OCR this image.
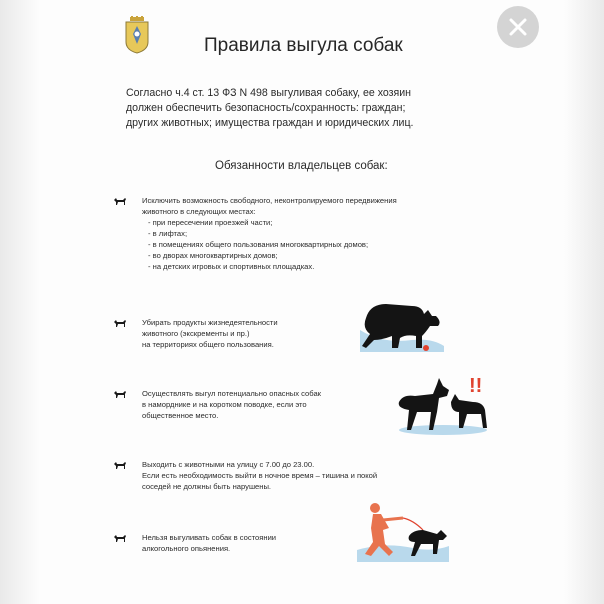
Правила выгула собак
Согласно ч.4 ст. 13 ФЗ N 498 выгуливая собаку, ее хозяин
должен обеспечить безопасность/сохранность: граждан;
других животных; имущества граждан и юридических лиц.
Обязанности владельцев собак:
Исключить возможность свободного, неконтролируемого передвижения
животного в следующих местах:
- при пересечении проезжей части;
- в лифтах;
- в помещениях общего пользования многоквартирных домов;
- во дворах многоквартирных домов;
- на детских игровых и спортивных площадках.
Убирать продукты жизнедеятельности
животного (экскременты и пр.)
на территориях общего пользования.
Осуществлять выгул потенциально опасных собак
в наморднике и на коротком поводке, если это
общественное место.
Выходить с животными на улицу с 7.00 до 23.00.
Если есть необходимость выйти в ночное время – тишина и покой
соседей не должны быть нарушены.
Нельзя выгуливать собак в состоянии
алкогольного опьянения.
!!
